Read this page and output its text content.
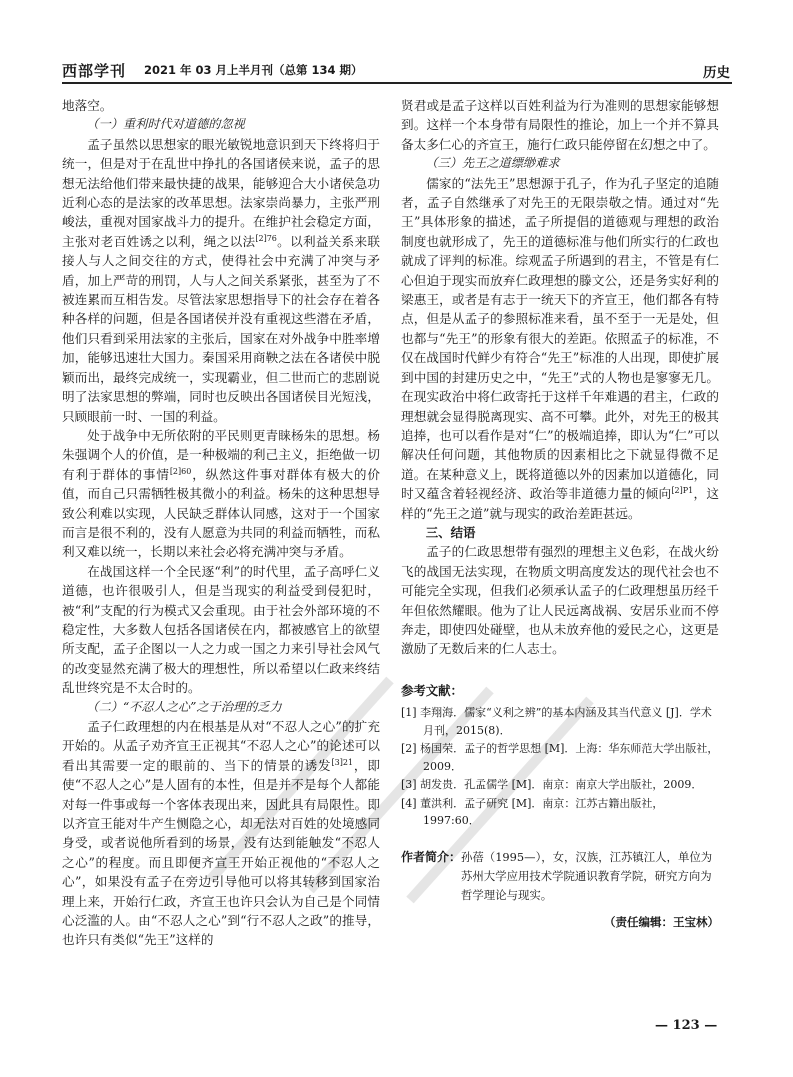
西部学刊 2021 年 03 月上半月刊（总第 134 期）	历史

地落空。

（一）重利时代对道德的忽视

孟子虽然以思想家的眼光敏锐地意识到天下终将归于统一，但是对于在乱世中挣扎的各国诸侯来说，孟子的思想无法给他们带来最快捷的战果，能够迎合大小诸侯急功近利心态的是法家的改革思想。法家崇尚暴力，主张严刑峻法，重视对国家战斗力的提升。在维护社会稳定方面，主张对老百姓诱之以利，绳之以法$^{[2]76}$。以利益关系来联接人与人之间交往的方式，使得社会中充满了冲突与矛盾，加上严苛的刑罚，人与人之间关系紧张，甚至为了不被连累而互相告发。尽管法家思想指导下的社会存在着各种各样的问题，但是各国诸侯并没有重视这些潜在矛盾，他们只看到采用法家的主张后，国家在对外战争中胜率增加，能够迅速壮大国力。秦国采用商鞅之法在各诸侯中脱颖而出，最终完成统一，实现霸业，但二世而亡的悲剧说明了法家思想的弊端，同时也反映出各国诸侯目光短浅，只顾眼前一时、一国的利益。

处于战争中无所依附的平民则更青睐杨朱的思想。杨朱强调个人的价值，是一种极端的利己主义，拒绝做一切有利于群体的事情$^{[2]60}$，纵然这件事对群体有极大的价值，而自己只需牺牲极其微小的利益。杨朱的这种思想导致公利难以实现，人民缺乏群体认同感，这对于一个国家而言是很不利的，没有人愿意为共同的利益而牺牲，而私利又难以统一，长期以来社会必将充满冲突与矛盾。

在战国这样一个全民逐“利”的时代里，孟子高呼仁义道德，也许很吸引人，但是当现实的利益受到侵犯时，被“利”支配的行为模式又会重现。由于社会外部环境的不稳定性，大多数人包括各国诸侯在内，都被感官上的欲望所支配，孟子企图以一人之力或一国之力来引导社会风气的改变显然充满了极大的理想性，所以希望以仁政来终结乱世终究是不太合时的。

（二）“不忍人之心”之于治理的乏力

孟子仁政理想的内在根基是从对“不忍人之心”的扩充开始的。从孟子劝齐宣王正视其“不忍人之心”的论述可以看出其需要一定的眼前的、当下的情景的诱发$^{[3]21}$，即使“不忍人之心”是人固有的本性，但是并不是每个人都能对每一件事或每一个客体表现出来，因此具有局限性。即以齐宣王能对牛产生恻隐之心，却无法对百姓的处境感同身受，或者说他所看到的场景，没有达到能触发“不忍人之心”的程度。而且即便齐宣王开始正视他的“不忍人之心”，如果没有孟子在旁边引导他可以将其转移到国家治理上来，开始行仁政，齐宣王也许只会认为自己是个同情心泛滥的人。由“不忍人之心”到“行不忍人之政”的推导，也许只有类似“先王”这样的

贤君或是孟子这样以百姓利益为行为准则的思想家能够想到。这样一个本身带有局限性的推论，加上一个并不算具备太多仁心的齐宣王，施行仁政只能停留在幻想之中了。

（三）先王之道缥缈难求

儒家的“法先王”思想源于孔子，作为孔子坚定的追随者，孟子自然继承了对先王的无限崇敬之情。通过对“先王”具体形象的描述，孟子所提倡的道德观与理想的政治制度也就形成了，先王的道德标准与他们所实行的仁政也就成了评判的标准。综观孟子所遇到的君主，不管是有仁心但迫于现实而放弃仁政理想的滕文公，还是务实好利的梁惠王，或者是有志于一统天下的齐宣王，他们都各有特点，但是从孟子的参照标准来看，虽不至于一无是处，但也都与“先王”的形象有很大的差距。依照孟子的标准，不仅在战国时代鲜少有符合“先王”标准的人出现，即使扩展到中国的封建历史之中，“先王”式的人物也是寥寥无几。在现实政治中将仁政寄托于这样千年难遇的君主，仁政的理想就会显得脱离现实、高不可攀。此外，对先王的极其追捧，也可以看作是对“仁”的极端追捧，即认为“仁”可以解决任何问题，其他物质的因素相比之下就显得微不足道。在某种意义上，既将道德以外的因素加以道德化，同时又蕴含着轻视经济、政治等非道德力量的倾向$^{[2]P1}$，这样的“先王之道”就与现实的政治差距甚远。

三、结语

孟子的仁政思想带有强烈的理想主义色彩，在战火纷飞的战国无法实现，在物质文明高度发达的现代社会也不可能完全实现，但我们必须承认孟子的仁政理想虽历经千年但依然耀眼。他为了让人民远离战祸、安居乐业而不停奔走，即使四处碰壁，也从未放弃他的爱民之心，这更是激励了无数后来的仁人志士。

参考文献：

[1] 李翔海．儒家“义利之辨”的基本内涵及其当代意义 [J]．学术月刊，2015(8)．

[2] 杨国荣．孟子的哲学思想 [M]．上海：华东师范大学出版社，2009．

[3] 胡发贵．孔孟儒学 [M]．南京：南京大学出版社，2009．

[4] 董洪利．孟子研究 [M]．南京：江苏古籍出版社，1997:60．

作者简介： 孙蓓（1995—），女，汉族，江苏镇江人，单位为苏州大学应用技术学院通识教育学院，研究方向为哲学理论与现实。
（责任编辑：王宝林）
— 123 —
